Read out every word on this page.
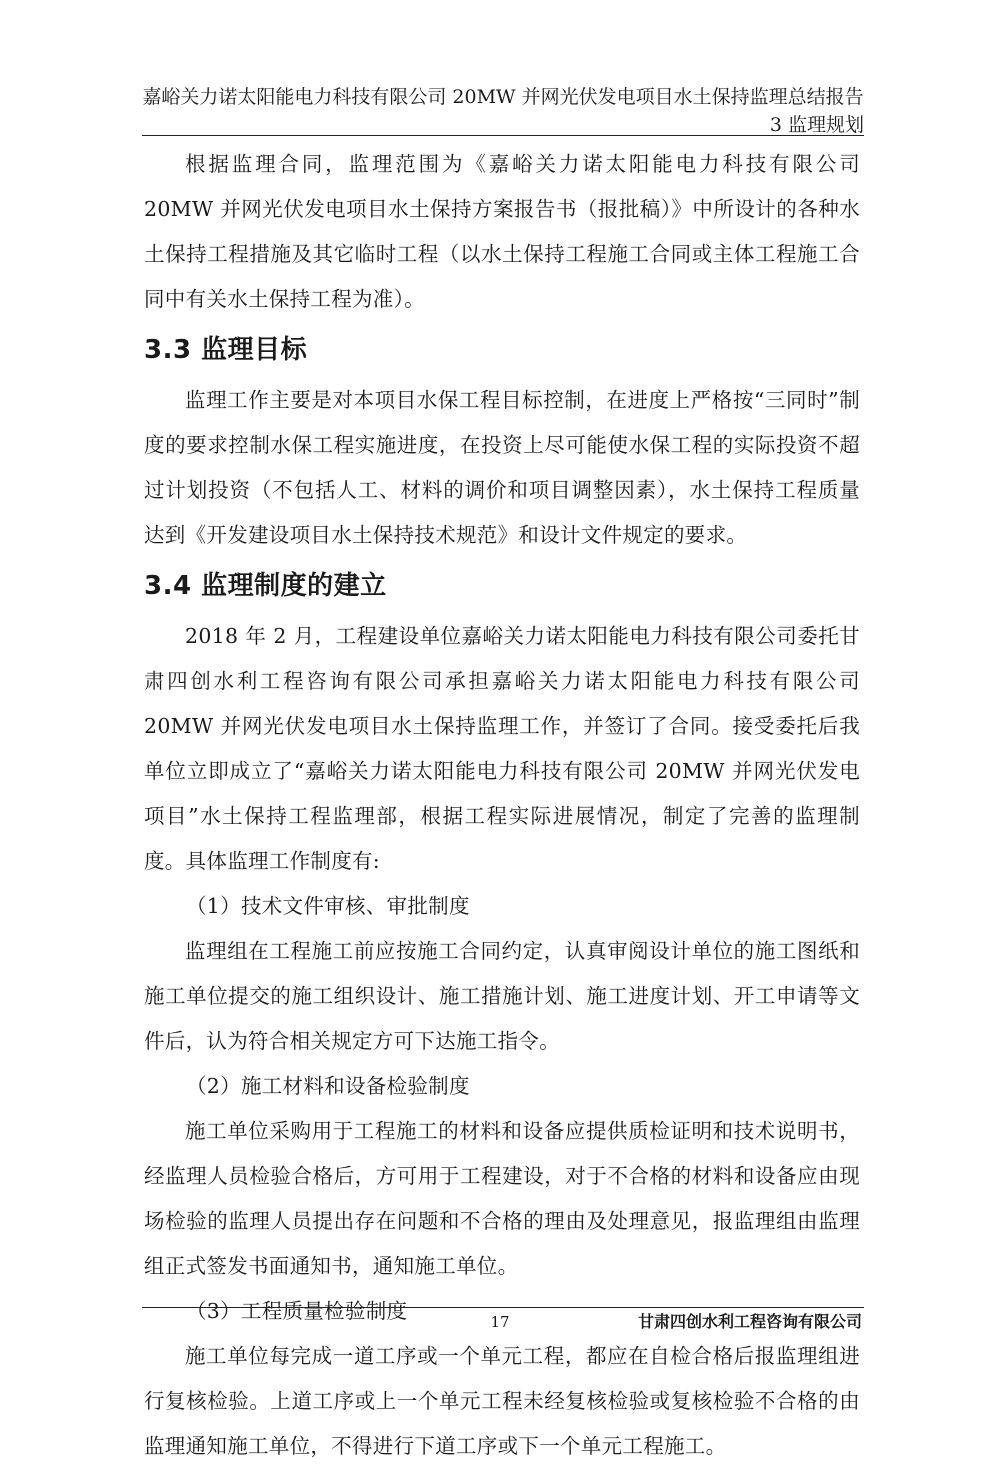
嘉峪关力诺太阳能电力科技有限公司 20MW 并网光伏发电项目水土保持监理总结报告
3 监理规划

根据监理合同，监理范围为《嘉峪关力诺太阳能电力科技有限公司 20MW 并网光伏发电项目水土保持方案报告书（报批稿）》中所设计的各种水土保持工程措施及其它临时工程（以水土保持工程施工合同或主体工程施工合同中有关水土保持工程为准）。

3.3 监理目标

监理工作主要是对本项目水保工程目标控制，在进度上严格按“三同时”制度的要求控制水保工程实施进度，在投资上尽可能使水保工程的实际投资不超过计划投资（不包括人工、材料的调价和项目调整因素），水土保持工程质量达到《开发建设项目水土保持技术规范》和设计文件规定的要求。

3.4 监理制度的建立

2018 年 2 月，工程建设单位嘉峪关力诺太阳能电力科技有限公司委托甘肃四创水利工程咨询有限公司承担嘉峪关力诺太阳能电力科技有限公司 20MW 并网光伏发电项目水土保持监理工作，并签订了合同。接受委托后我单位立即成立了“嘉峪关力诺太阳能电力科技有限公司 20MW 并网光伏发电项目”水土保持工程监理部，根据工程实际进展情况，制定了完善的监理制度。具体监理工作制度有:

（1）技术文件审核、审批制度

监理组在工程施工前应按施工合同约定，认真审阅设计单位的施工图纸和施工单位提交的施工组织设计、施工措施计划、施工进度计划、开工申请等文件后，认为符合相关规定方可下达施工指令。

（2）施工材料和设备检验制度

施工单位采购用于工程施工的材料和设备应提供质检证明和技术说明书，经监理人员检验合格后，方可用于工程建设，对于不合格的材料和设备应由现场检验的监理人员提出存在问题和不合格的理由及处理意见，报监理组由监理组正式签发书面通知书，通知施工单位。

（3）工程质量检验制度

施工单位每完成一道工序或一个单元工程，都应在自检合格后报监理组进行复核检验。上道工序或上一个单元工程未经复核检验或复核检验不合格的由监理通知施工单位，不得进行下道工序或下一个单元工程施工。

17	甘肃四创水利工程咨询有限公司
